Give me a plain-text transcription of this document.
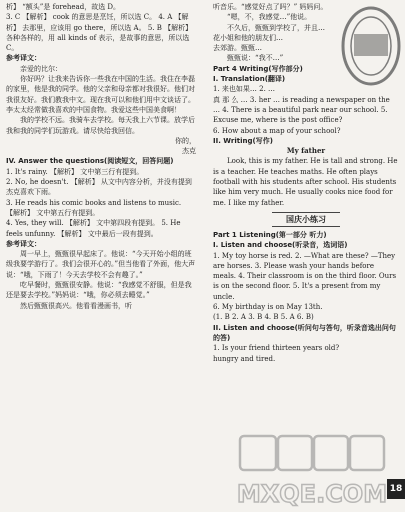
析】 “额头”是 forehead，故选 D。

3. C 【解析】 cook 的意思是烹饪，所以选 C。 4. A 【解析】 去那里，应该用 go there，所以选 A。 5. B 【解析】 各种各样的，用 all kinds of 表示，是故事的意思，所以选 C。

参考译文：

亲爱的比尔：

你好吗？让我来告诉你一些我在中国的生活。我住在李磊的家里，他是我的同学。他的父亲和母亲都对我很好。他们对我很友好。我们教我中文。现在我可以和他们用中文谈话了。李太太经常做我喜欢的中国食物。我爱这些中国美食啊！

我的学校不远。我骑车去学校。每天我上六节课。放学后我和我的同学们玩游戏。请尽快给我回信。

你的，

杰克

IV. Answer the questions(阅读短文，回答问题)

1. It's rainy. 【解析】 文中第三行有提到。

2. No, he doesn't. 【解析】 从文中内容分析，并没有提到杰克喜欢下雨。

3. He reads his comic books and listens to music. 【解析】 文中第五行有提到。

4. Yes, they will. 【解析】 文中第四段有提到。 5. He feels unfunny. 【解析】 文中最后一段有提到。

参考译文：

周一早上，甄甄很早起床了。他说：“今天开始小组的班级我要学游行了。我们会很开心的。”但当他看了外面，他大声说：“哦，下雨了！今天去学校不会有趣了。”

吃早餐时，甄甄很安静。他说：“我感觉不舒服，但是我还是要去学校。”妈妈说：“哦，你必须去睡觉。”

然后甄甄很高兴。他看看漫画书，听

听音乐。“感觉好点了吗？” 妈妈问。

“嗯，不，我感觉…”他说。

不久后，甄甄到学校了，并且…

花小姐和他的朋友们…

去郊游。甄甄…

甄甄说：“我不…”

Part 4 Writing(写作部分)

I. Translation(翻译)

1. 来也如果… 2. …

真 那 么 … 3. her … is reading a newspaper on the … 4. There is a beautiful park near our school. 5. Excuse me, where is the post office?

6. How about a map of your school?

II. Writing(写作)

My father

Look, this is my father. He is tall and strong. He is a teacher. He teaches maths. He often plays football with his students after school. His students like him very much. He usually cooks nice food for me. I like my father.

国庆小练习

Part 1 Listening(第一部分 听力)

I. Listen and choose(听录音，选词语)

1. My toy horse is red. 2. —What are these? —They are horses. 3. Please wash your hands before meals. 4. Their classroom is on the third floor. Ours is on the second floor. 5. It's a present from my uncle.

6. My birthday is on May 13th.

(1. B 2. A 3. B 4. B 5. A 6. B)

II. Listen and choose(听问句与答句，听录音选出问句的答)

1. Is your friend thirteen years old?

hungry and tired.

MXQE.COM 18
